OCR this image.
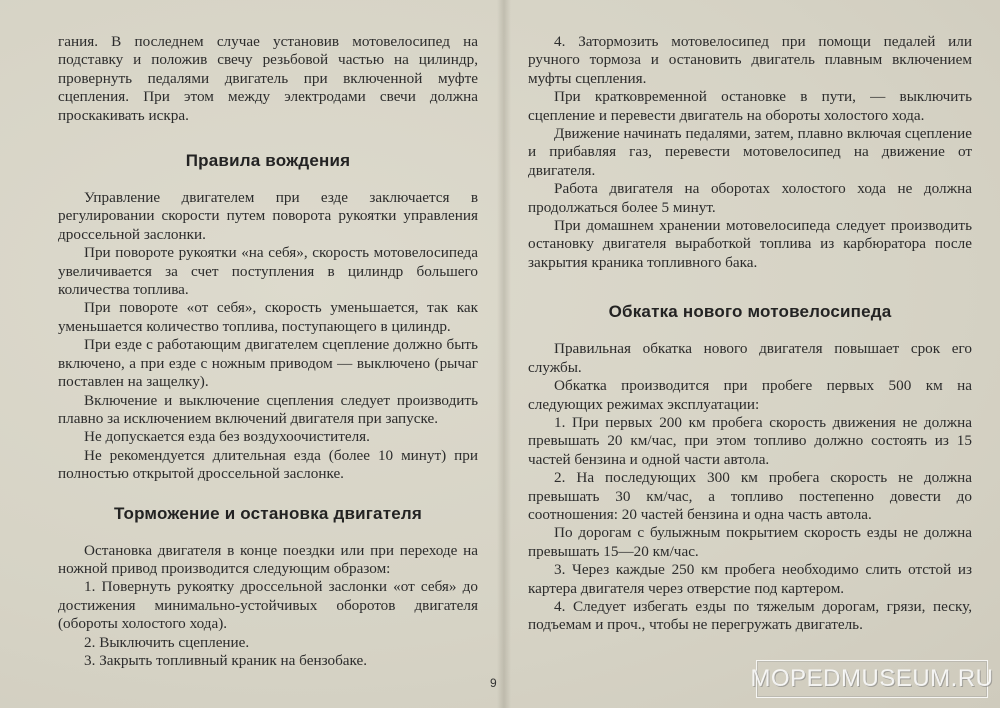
гания. В последнем случае установив мотовелосипед на подставку и положив свечу резьбовой частью на цилиндр, провернуть педалями двигатель при включенной муфте сцепления. При этом между электродами свечи должна проскакивать искра.

Правила вождения

Управление двигателем при езде заключается в регулировании скорости путем поворота рукоятки управления дроссельной заслонки.

При повороте рукоятки «на себя», скорость мотовелосипеда увеличивается за счет поступления в цилиндр большего количества топлива.

При повороте «от себя», скорость уменьшается, так как уменьшается количество топлива, поступающего в цилиндр.

При езде с работающим двигателем сцепление должно быть включено, а при езде с ножным приводом — выключено (рычаг поставлен на защелку).

Включение и выключение сцепления следует производить плавно за исключением включений двигателя при запуске.

Не допускается езда без воздухоочистителя.

Не рекомендуется длительная езда (более 10 минут) при полностью открытой дроссельной заслонке.

Торможение и остановка двигателя

Остановка двигателя в конце поездки или при переходе на ножной привод производится следующим образом:

1. Повернуть рукоятку дроссельной заслонки «от себя» до достижения минимально-устойчивых оборотов двигателя (обороты холостого хода).

2. Выключить сцепление.

3. Закрыть топливный краник на бензобаке.

4. Затормозить мотовелосипед при помощи педалей или ручного тормоза и остановить двигатель плавным включением муфты сцепления.

При кратковременной остановке в пути, — выключить сцепление и перевести двигатель на обороты холостого хода.

Движение начинать педалями, затем, плавно включая сцепление и прибавляя газ, перевести мотовелосипед на движение от двигателя.

Работа двигателя на оборотах холостого хода не должна продолжаться более 5 минут.

При домашнем хранении мотовелосипеда следует производить остановку двигателя выработкой топлива из карбюратора после закрытия краника топливного бака.

Обкатка нового мотовелосипеда

Правильная обкатка нового двигателя повышает срок его службы.

Обкатка производится при пробеге первых 500 км на следующих режимах эксплуатации:

1. При первых 200 км пробега скорость движения не должна превышать 20 км/час, при этом топливо должно состоять из 15 частей бензина и одной части автола.

2. На последующих 300 км пробега скорость не должна превышать 30 км/час, а топливо постепенно довести до соотношения: 20 частей бензина и одна часть автола.

По дорогам с булыжным покрытием скорость езды не должна превышать 15—20 км/час.

3. Через каждые 250 км пробега необходимо слить отстой из картера двигателя через отверстие под картером.

4. Следует избегать езды по тяжелым дорогам, грязи, песку, подъемам и проч., чтобы не перегружать двигатель.

9	MOPEDMUSEUM.RU
